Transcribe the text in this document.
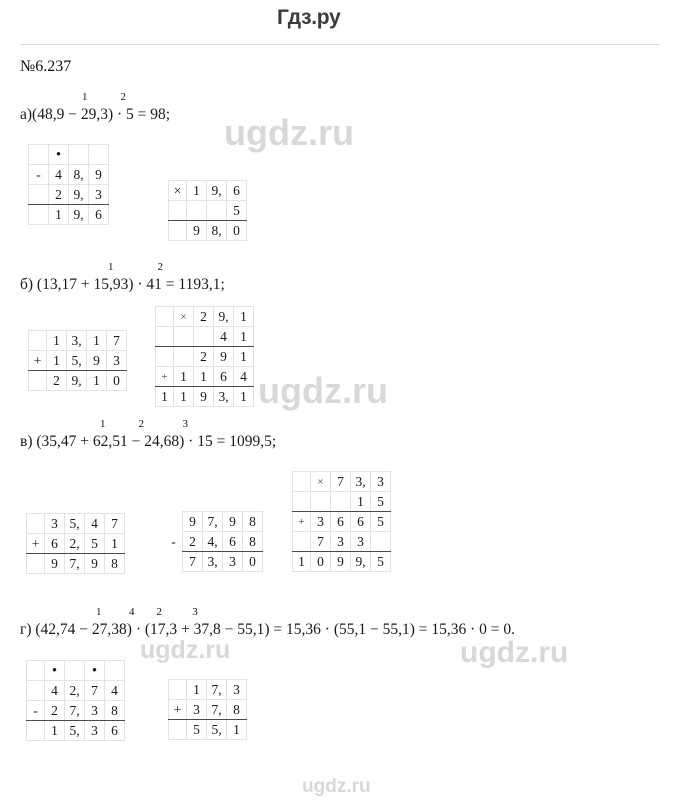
Гдз.ру
ugdz.ru
ugdz.ru
ugdz.ru	ugdz.ru
ugdz.ru
№6.237
1            2
а)(48,9 − 29,3) · 5 = 98;
	•		
-	4	8,	9
	2	9,	3
	1	9,	6
×	1	9,	6
			5
	9	8,	0
1                2
б) (13,17 + 15,93) · 41 = 1193,1;
	1	3,	1	7
+	1	5,	9	3
	2	9,	1	0
	×	2	9,	1
			4	1
		2	9	1
+	1	1	6	4
1	1	9	3,	1
1            2              3
в) (35,47 + 62,51 − 24,68) · 15 = 1099,5;
	3	5,	4	7
+	6	2,	5	1
	9	7,	9	8
	9	7,	9	8
-	2	4,	6	8
	7	3,	3	0
	×	7	3,	3
			1	5
+	3	6	6	5
	7	3	3	
1	0	9	9,	5
1          4        2           3
г) (42,74 − 27,38) · (17,3 + 37,8 − 55,1) = 15,36 · (55,1 − 55,1) = 15,36 · 0 = 0.
	•		•	
	4	2,	7	4
-	2	7,	3	8
	1	5,	3	6
	1	7,	3
+	3	7,	8
	5	5,	1
